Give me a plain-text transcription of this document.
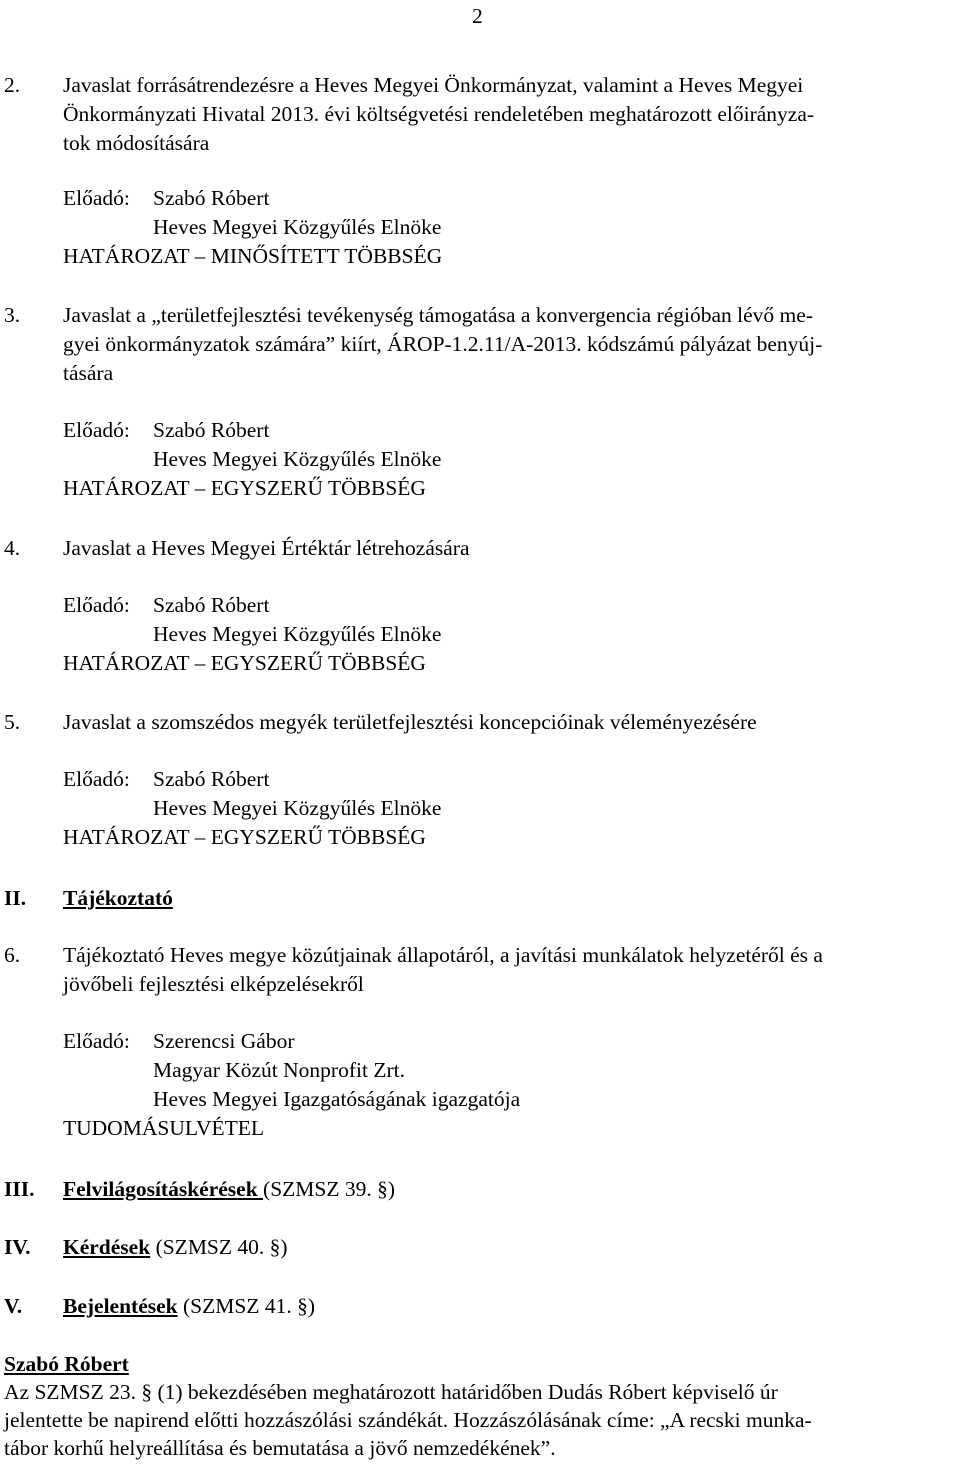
2
2. Javaslat forrásátrendezésre a Heves Megyei Önkormányzat, valamint a Heves Megyei
Önkormányzati Hivatal 2013. évi költségvetési rendeletében meghatározott előirányza-
tok módosítására
Előadó: Szabó Róbert
Heves Megyei Közgyűlés Elnöke
HATÁROZAT – MINŐSÍTETT TÖBBSÉG
3. Javaslat a „területfejlesztési tevékenység támogatása a konvergencia régióban lévő me-
gyei önkormányzatok számára” kiírt, ÁROP-1.2.11/A-2013. kódszámú pályázat benyúj-
tására
Előadó: Szabó Róbert
Heves Megyei Közgyűlés Elnöke
HATÁROZAT – EGYSZERŰ TÖBBSÉG
4. Javaslat a Heves Megyei Értéktár létrehozására
Előadó: Szabó Róbert
Heves Megyei Közgyűlés Elnöke
HATÁROZAT – EGYSZERŰ TÖBBSÉG
5. Javaslat a szomszédos megyék területfejlesztési koncepcióinak véleményezésére
Előadó: Szabó Róbert
Heves Megyei Közgyűlés Elnöke
HATÁROZAT – EGYSZERŰ TÖBBSÉG
II. Tájékoztató
6. Tájékoztató Heves megye közútjainak állapotáról, a javítási munkálatok helyzetéről és a
jövőbeli fejlesztési elképzelésekről
Előadó: Szerencsi Gábor
Magyar Közút Nonprofit Zrt.
Heves Megyei Igazgatóságának igazgatója
TUDOMÁSULVÉTEL
III. Felvilágosításkérések (SZMSZ 39. §)
IV. Kérdések (SZMSZ 40. §)
V. Bejelentések (SZMSZ 41. §)
Szabó Róbert
Az SZMSZ 23. § (1) bekezdésében meghatározott határidőben Dudás Róbert képviselő úr
jelentette be napirend előtti hozzászólási szándékát. Hozzászólásának címe: „A recski munka-
tábor korhű helyreállítása és bemutatása a jövő nemzedékének”.
